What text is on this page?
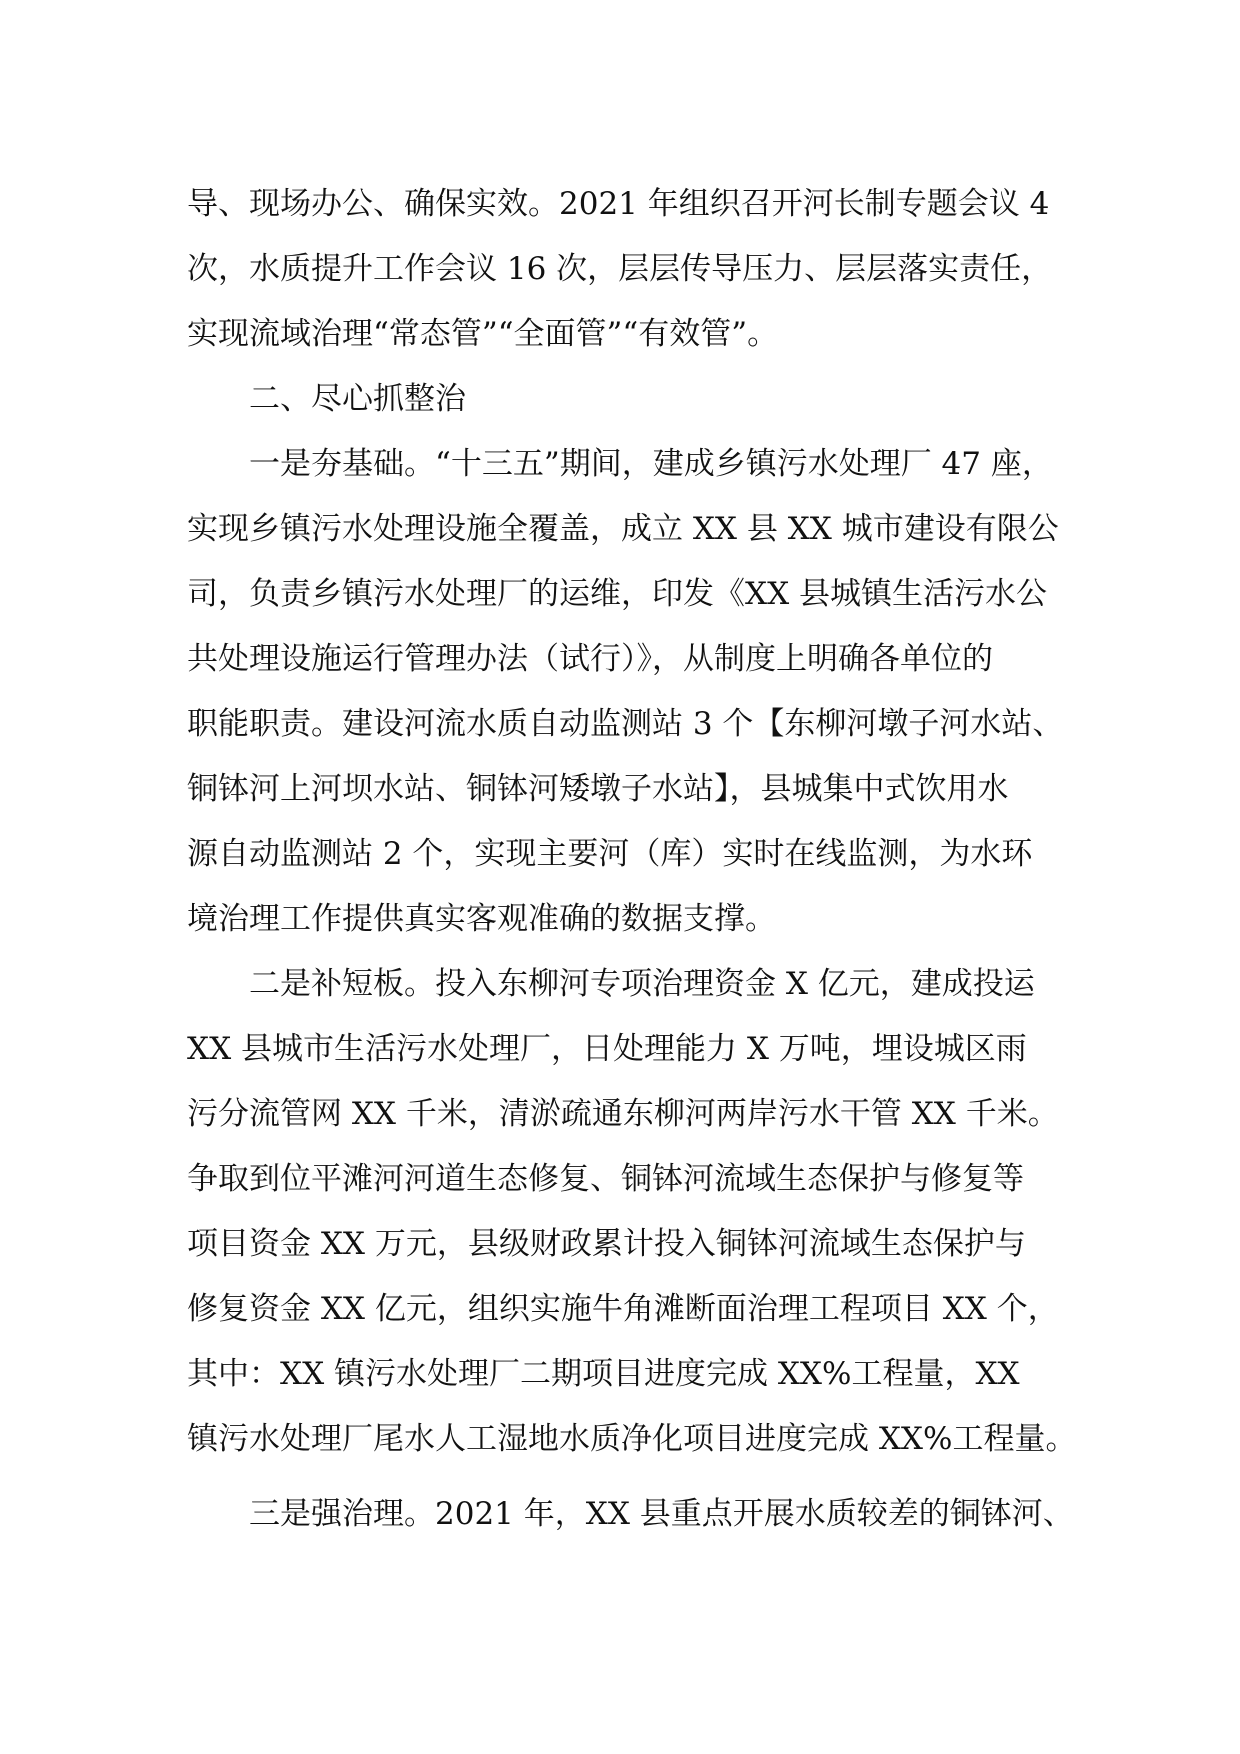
导、现场办公、确保实效。2021 年组织召开河长制专题会议 4
次，水质提升工作会议 16 次，层层传导压力、层层落实责任，
实现流域治理“常态管”“全面管”“有效管”。
二、尽心抓整治
一是夯基础。“十三五”期间，建成乡镇污水处理厂 47 座，
实现乡镇污水处理设施全覆盖，成立 XX 县 XX 城市建设有限公
司，负责乡镇污水处理厂的运维，印发《XX 县城镇生活污水公
共处理设施运行管理办法（试行）》，从制度上明确各单位的
职能职责。建设河流水质自动监测站 3 个【东柳河墩子河水站、
铜钵河上河坝水站、铜钵河矮墩子水站】，县城集中式饮用水
源自动监测站 2 个，实现主要河（库）实时在线监测，为水环
境治理工作提供真实客观准确的数据支撑。
二是补短板。投入东柳河专项治理资金 X 亿元，建成投运
XX 县城市生活污水处理厂，日处理能力 X 万吨，埋设城区雨
污分流管网 XX 千米，清淤疏通东柳河两岸污水干管 XX 千米。
争取到位平滩河河道生态修复、铜钵河流域生态保护与修复等
项目资金 XX 万元，县级财政累计投入铜钵河流域生态保护与
修复资金 XX 亿元，组织实施牛角滩断面治理工程项目 XX 个，
其中：XX 镇污水处理厂二期项目进度完成 XX%工程量，XX
镇污水处理厂尾水人工湿地水质净化项目进度完成 XX%工程量。
三是强治理。2021 年，XX 县重点开展水质较差的铜钵河、
